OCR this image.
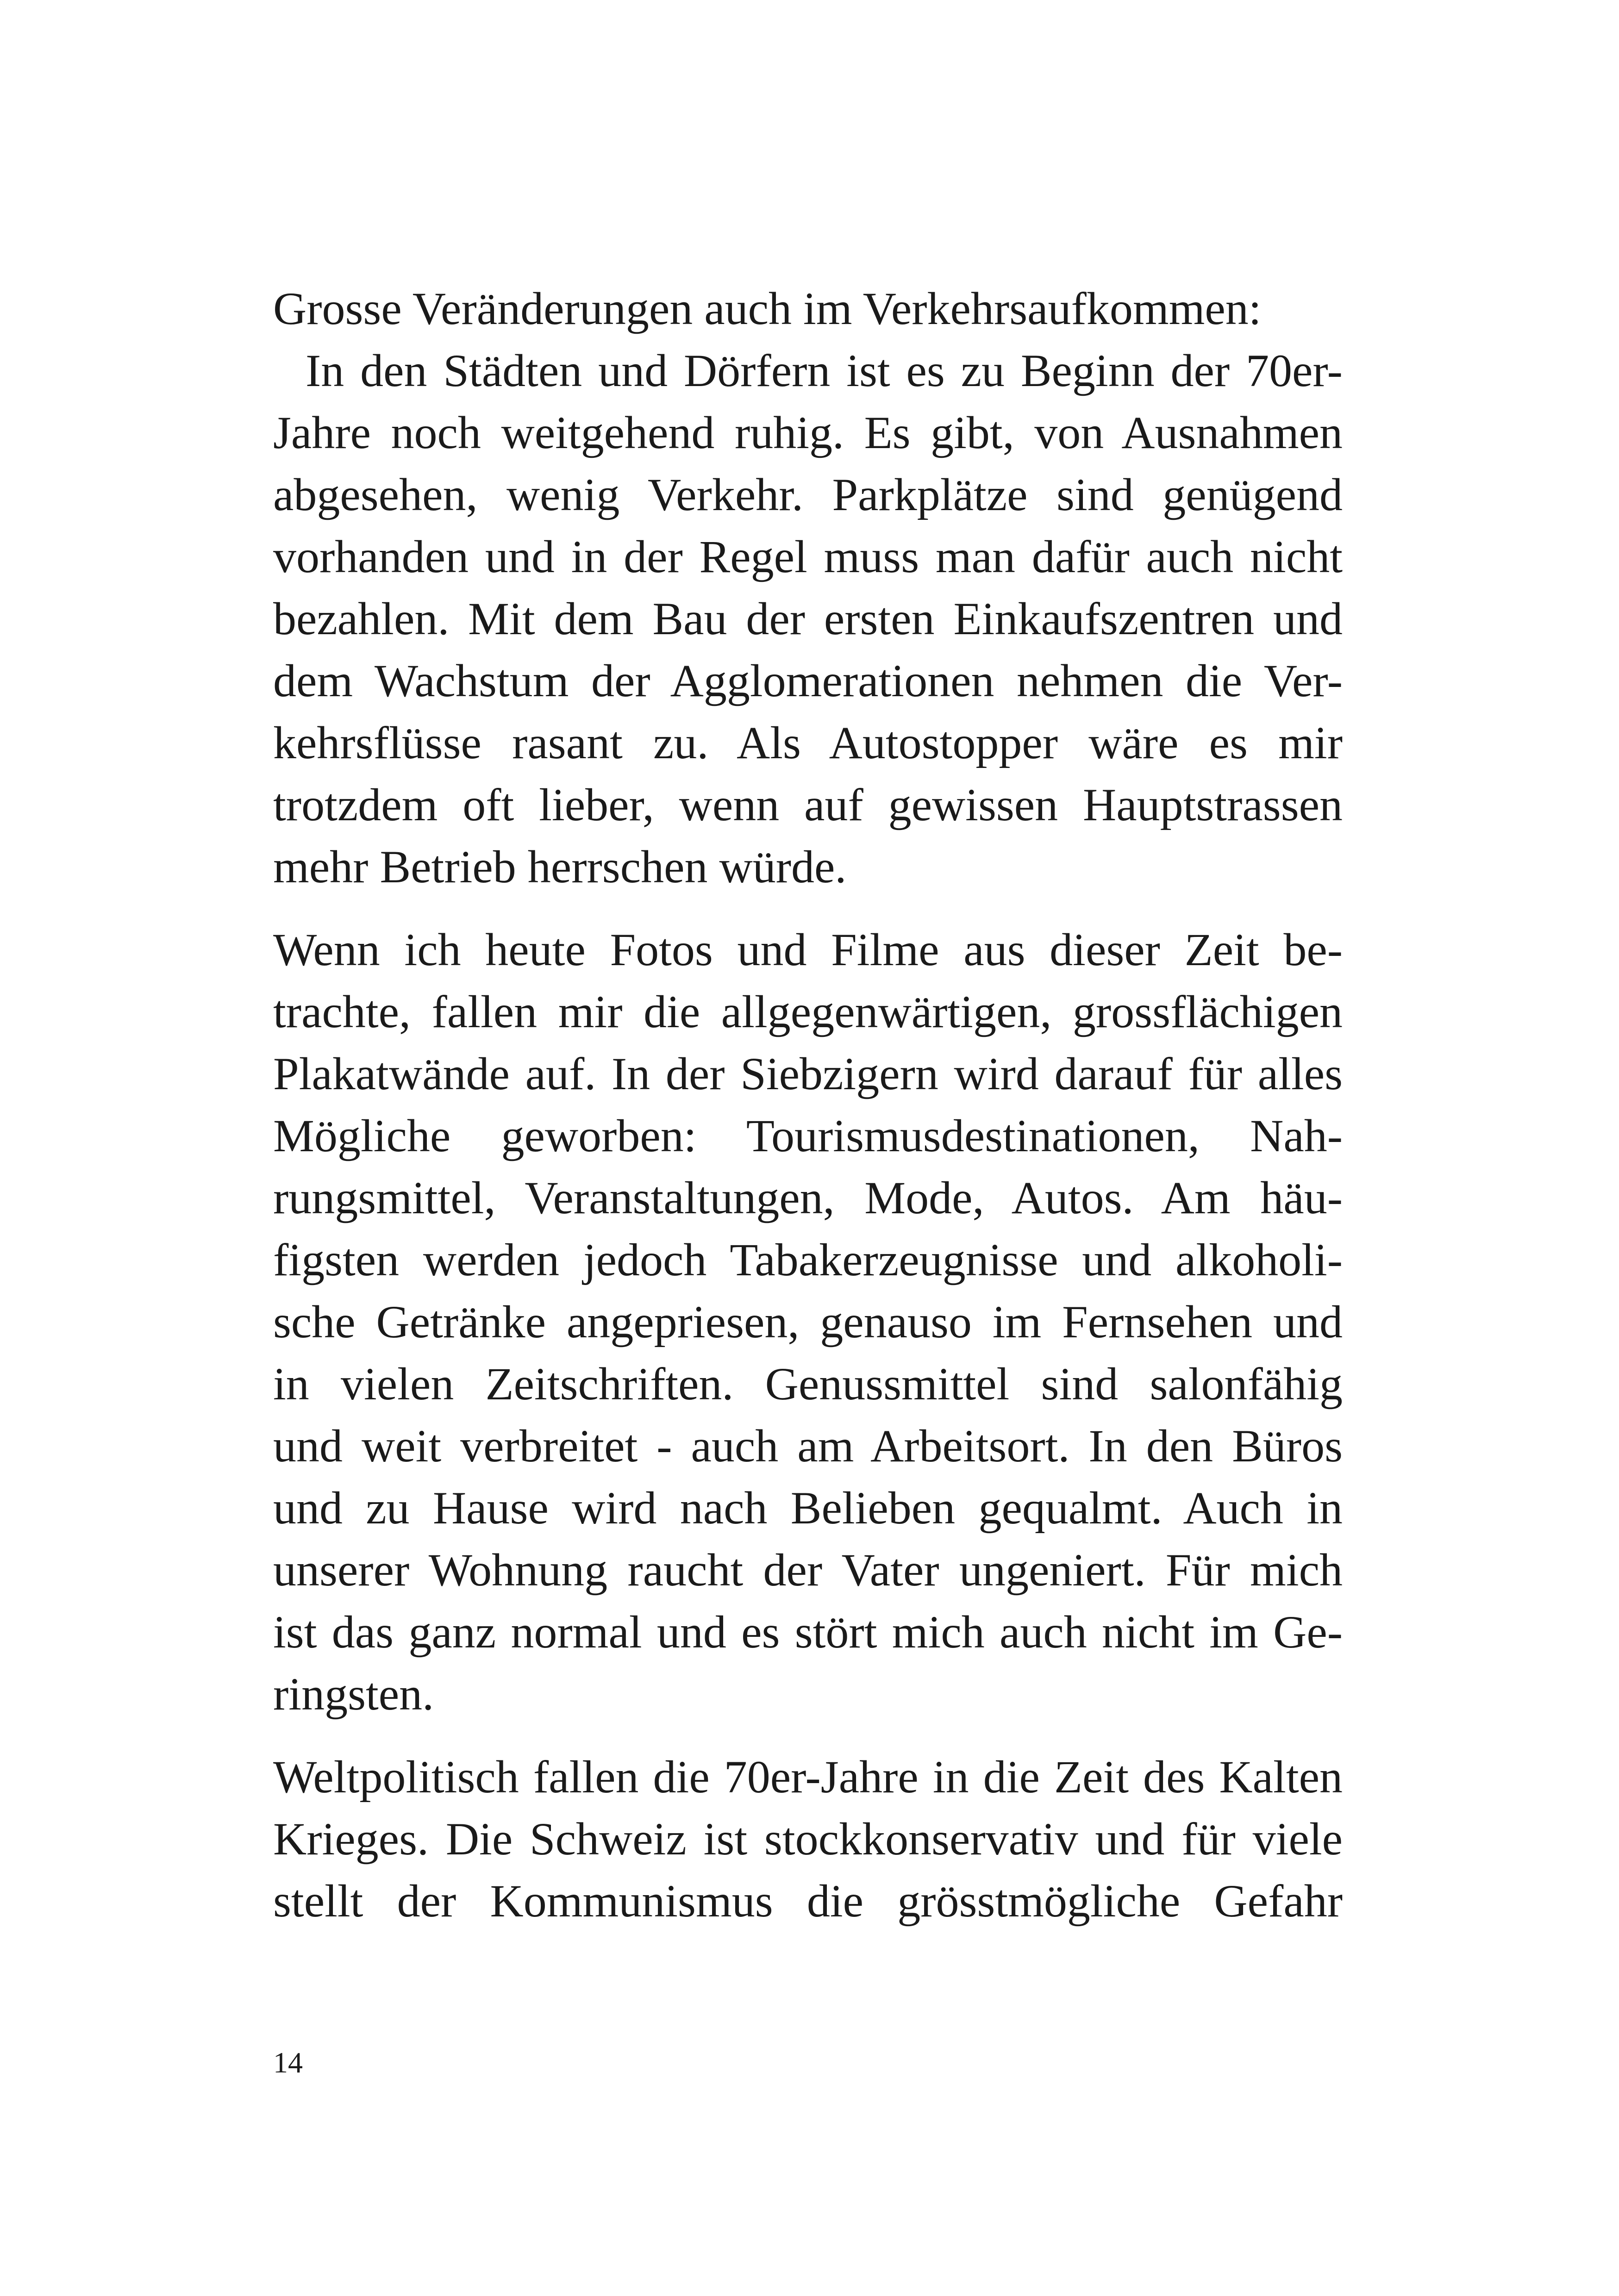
Grosse Veränderungen auch im Verkehrsaufkommen:
In den Städten und Dörfern ist es zu Beginn der 70er-
Jahre noch weitgehend ruhig. Es gibt, von Ausnahmen
abgesehen, wenig Verkehr. Parkplätze sind genügend
vorhanden und in der Regel muss man dafür auch nicht
bezahlen. Mit dem Bau der ersten Einkaufszentren und
dem Wachstum der Agglomerationen nehmen die Ver-
kehrsflüsse rasant zu. Als Autostopper wäre es mir
trotzdem oft lieber, wenn auf gewissen Hauptstrassen
mehr Betrieb herrschen würde.
Wenn ich heute Fotos und Filme aus dieser Zeit be-
trachte, fallen mir die allgegenwärtigen, grossflächigen
Plakatwände auf. In der Siebzigern wird darauf für alles
Mögliche geworben: Tourismusdestinationen, Nah-
rungsmittel, Veranstaltungen, Mode, Autos. Am häu-
figsten werden jedoch Tabakerzeugnisse und alkoholi-
sche Getränke angepriesen, genauso im Fernsehen und
in vielen Zeitschriften. Genussmittel sind salonfähig
und weit verbreitet - auch am Arbeitsort. In den Büros
und zu Hause wird nach Belieben gequalmt. Auch in
unserer Wohnung raucht der Vater ungeniert. Für mich
ist das ganz normal und es stört mich auch nicht im Ge-
ringsten.
Weltpolitisch fallen die 70er-Jahre in die Zeit des Kalten
Krieges. Die Schweiz ist stockkonservativ und für viele
stellt der Kommunismus die grösstmögliche Gefahr
14
